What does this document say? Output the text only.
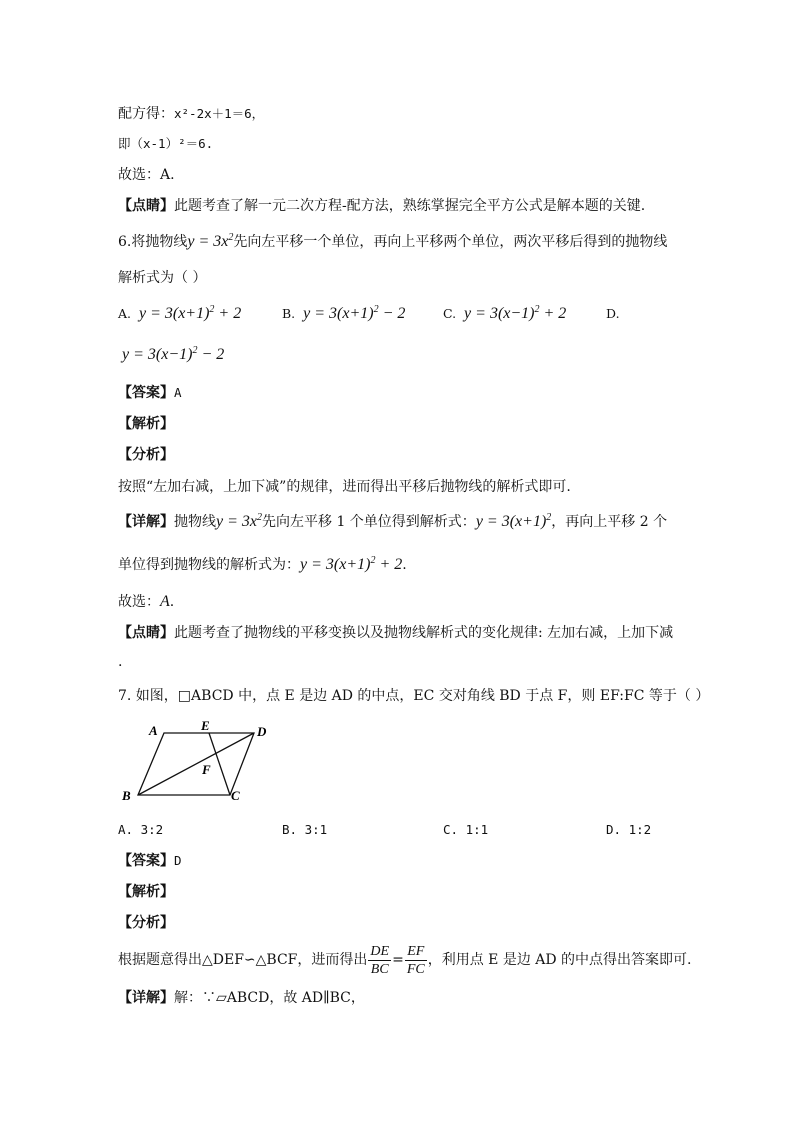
配方得：x²-2x＋1＝6，
即（x-1）²＝6.
故选：A.
【点睛】此题考查了解一元二次方程-配方法，熟练掌握完全平方公式是解本题的关键.
6.将抛物线$y = 3x^2$先向左平移一个单位，再向上平移两个单位，两次平移后得到的抛物线
解析式为（ ）
A. $y = 3(x+1)^2 + 2$	B. $y = 3(x+1)^2 - 2$	C. $y = 3(x-1)^2 + 2$	D.
$y = 3(x-1)^2 - 2$
【答案】A
【解析】
【分析】
按照“左加右减，上加下减”的规律，进而得出平移后抛物线的解析式即可.
【详解】抛物线$y = 3x^2$先向左平移 1 个单位得到解析式：$y = 3(x+1)^2$，再向上平移 2 个
单位得到抛物线的解析式为：$y = 3(x+1)^2 + 2$.
故选：A.
【点睛】此题考查了抛物线的平移变换以及抛物线解析式的变化规律: 左加右减，上加下减
.
7. 如图，□ABCD 中，点 E 是边 AD 的中点，EC 交对角线 BD 于点 F，则 EF:FC 等于（ ）
A	E	D
F
B	C
A. 3:2	B. 3:1	C. 1:1	D. 1:2
【答案】D
【解析】
【分析】
根据题意得出△DEF∽△BCF，进而得出 $\frac{DE}{BC} = \frac{EF}{FC}$ ，利用点 E 是边 AD 的中点得出答案即可.
【详解】解：∵▱ABCD，故 AD∥BC，
